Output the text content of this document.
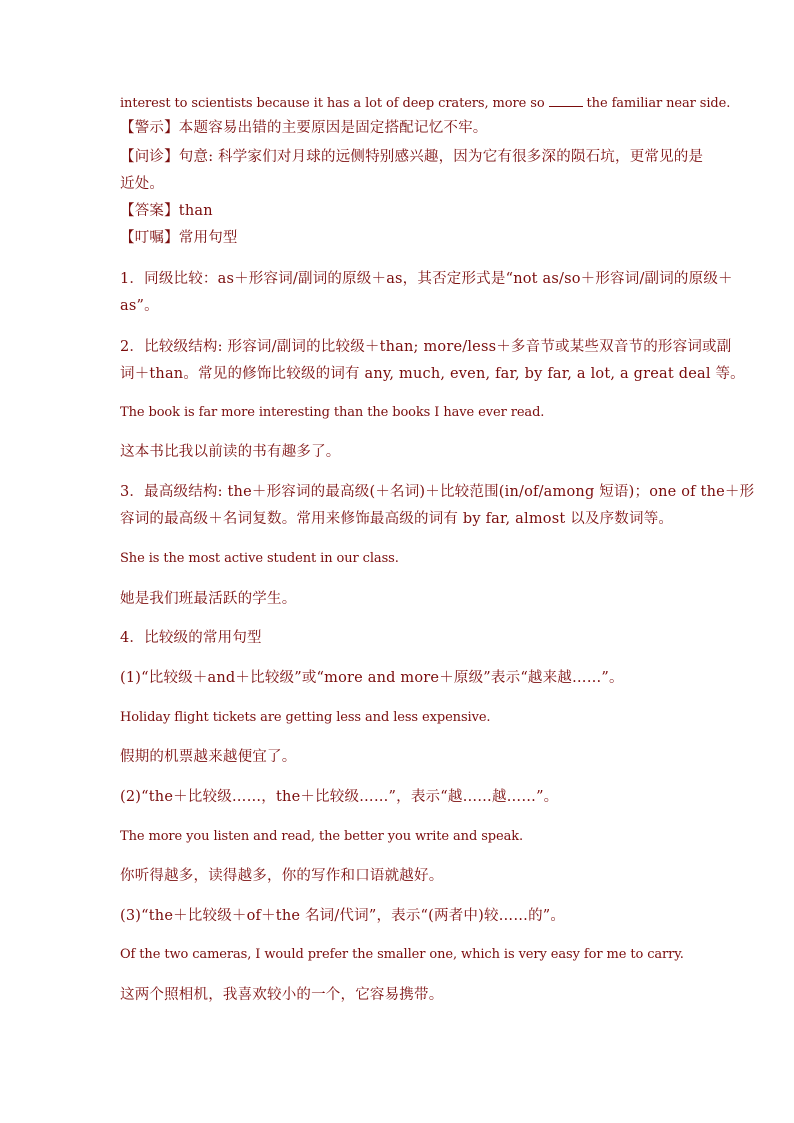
interest to scientists because it has a lot of deep craters, more so	the familiar near side.
【警示】本题容易出错的主要原因是固定搭配记忆不牢。
【问诊】句意: 科学家们对月球的远侧特别感兴趣，因为它有很多深的陨石坑，更常见的是
近处。
【答案】than
【叮嘱】常用句型
1．同级比较：as＋形容词/副词的原级＋as，其否定形式是“not as/so＋形容词/副词的原级＋
as”。
2．比较级结构: 形容词/副词的比较级＋than; more/less＋多音节或某些双音节的形容词或副
词＋than。常见的修饰比较级的词有 any, much, even, far, by far, a lot, a great deal 等。
The book is far more interesting than the books I have ever read.
这本书比我以前读的书有趣多了。
3．最高级结构: the＋形容词的最高级(＋名词)＋比较范围(in/of/among 短语)；one of the＋形
容词的最高级＋名词复数。常用来修饰最高级的词有 by far, almost 以及序数词等。
She is the most active student in our class.
她是我们班最活跃的学生。
4．比较级的常用句型
(1)“比较级＋and＋比较级”或“more and more＋原级”表示“越来越……”。
Holiday flight tickets are getting less and less expensive.
假期的机票越来越便宜了。
(2)“the＋比较级……，the＋比较级……”，表示“越……越……”。
The more you listen and read, the better you write and speak.
你听得越多，读得越多，你的写作和口语就越好。
(3)“the＋比较级＋of＋the 名词/代词”，表示“(两者中)较……的”。
Of the two cameras, I would prefer the smaller one, which is very easy for me to carry.
这两个照相机，我喜欢较小的一个，它容易携带。
